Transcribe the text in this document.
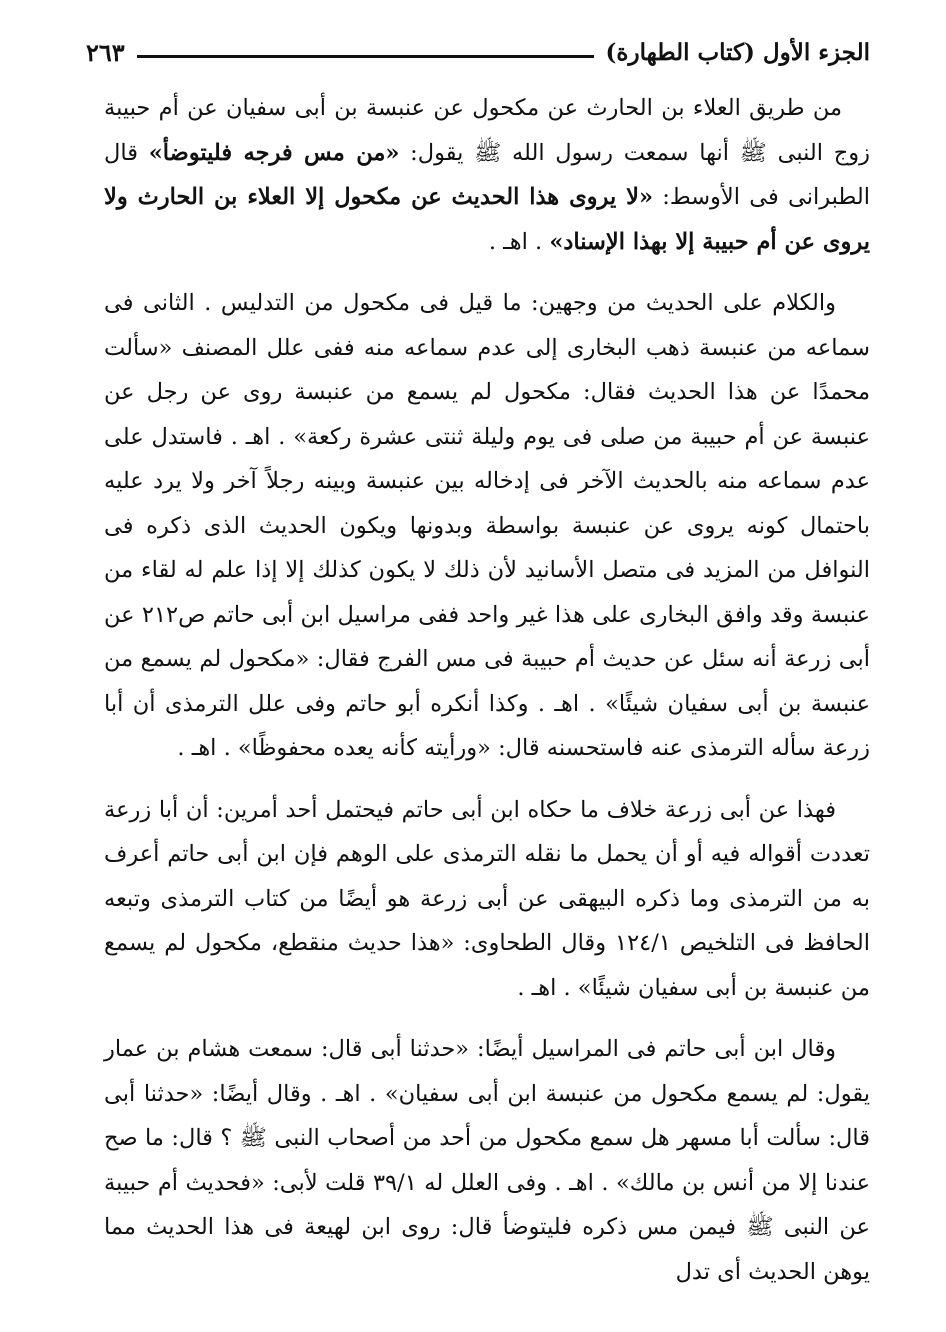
الجزء الأول (كتاب الطهارة)
٢٦٣

من طريق العلاء بن الحارث عن مكحول عن عنبسة بن أبى سفيان عن أم حبيبة زوج النبى ﷺ أنها سمعت رسول الله ﷺ يقول: «من مس فرجه فليتوضأ» قال الطبرانى فى الأوسط: «لا يروى هذا الحديث عن مكحول إلا العلاء بن الحارث ولا يروى عن أم حبيبة إلا بهذا الإسناد» . اهـ .

والكلام على الحديث من وجهين: ما قيل فى مكحول من التدليس . الثانى فى سماعه من عنبسة ذهب البخارى إلى عدم سماعه منه ففى علل المصنف «سألت محمدًا عن هذا الحديث فقال: مكحول لم يسمع من عنبسة روى عن رجل عن عنبسة عن أم حبيبة من صلى فى يوم وليلة ثنتى عشرة ركعة» . اهـ . فاستدل على عدم سماعه منه بالحديث الآخر فى إدخاله بين عنبسة وبينه رجلاً آخر ولا يرد عليه باحتمال كونه يروى عن عنبسة بواسطة وبدونها ويكون الحديث الذى ذكره فى النوافل من المزيد فى متصل الأسانيد لأن ذلك لا يكون كذلك إلا إذا علم له لقاء من عنبسة وقد وافق البخارى على هذا غير واحد ففى مراسيل ابن أبى حاتم ص٢١٢ عن أبى زرعة أنه سئل عن حديث أم حبيبة فى مس الفرج فقال: «مكحول لم يسمع من عنبسة بن أبى سفيان شيئًا» . اهـ . وكذا أنكره أبو حاتم وفى علل الترمذى أن أبا زرعة سأله الترمذى عنه فاستحسنه قال: «ورأيته كأنه يعده محفوظًا» . اهـ .

فهذا عن أبى زرعة خلاف ما حكاه ابن أبى حاتم فيحتمل أحد أمرين: أن أبا زرعة تعددت أقواله فيه أو أن يحمل ما نقله الترمذى على الوهم فإن ابن أبى حاتم أعرف به من الترمذى وما ذكره البيهقى عن أبى زرعة هو أيضًا من كتاب الترمذى وتبعه الحافظ فى التلخيص ١٢٤/١ وقال الطحاوى: «هذا حديث منقطع، مكحول لم يسمع من عنبسة بن أبى سفيان شيئًا» . اهـ .

وقال ابن أبى حاتم فى المراسيل أيضًا: «حدثنا أبى قال: سمعت هشام بن عمار يقول: لم يسمع مكحول من عنبسة ابن أبى سفيان» . اهـ . وقال أيضًا: «حدثنا أبى قال: سألت أبا مسهر هل سمع مكحول من أحد من أصحاب النبى ﷺ ؟ قال: ما صح عندنا إلا من أنس بن مالك» . اهـ . وفى العلل له ٣٩/١ قلت لأبى: «فحديث أم حبيبة عن النبى ﷺ فيمن مس ذكره فليتوضأ قال: روى ابن لهيعة فى هذا الحديث مما يوهن الحديث أى تدل
